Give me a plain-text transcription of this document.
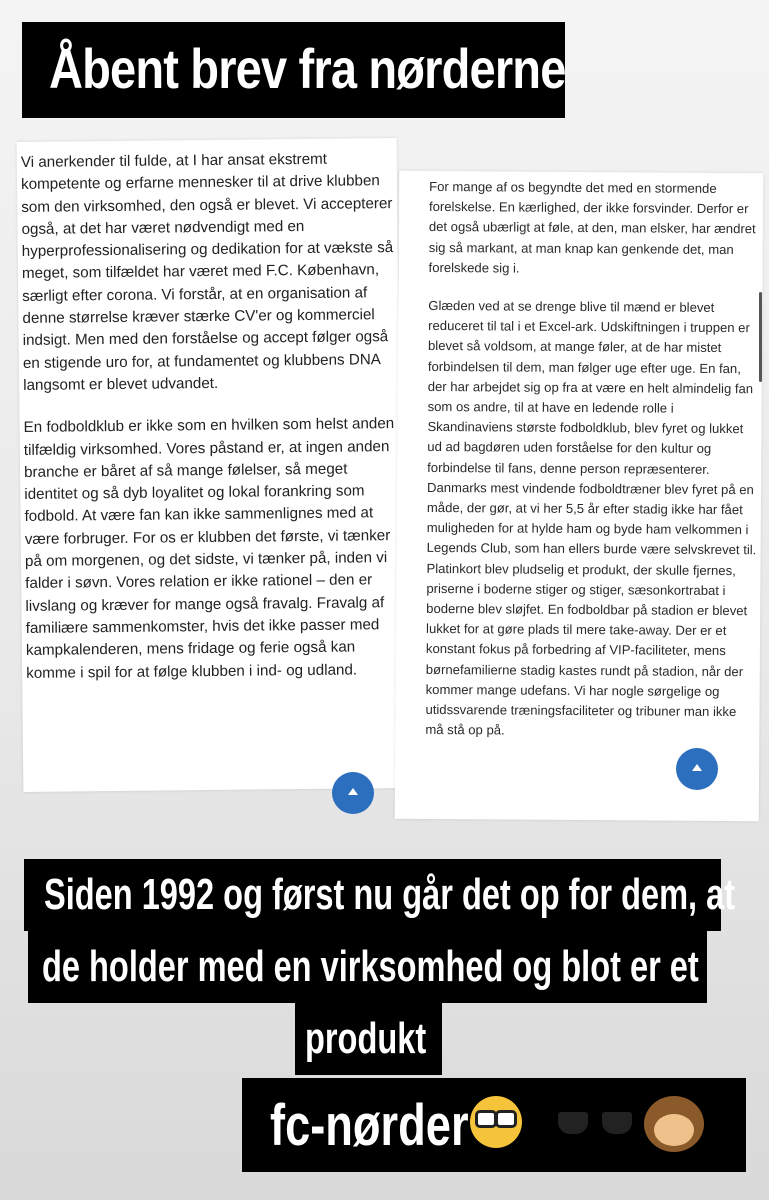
Åbent brev fra nørderne

Vi anerkender til fulde, at I har ansat ekstremt kompetente og erfarne mennesker til at drive klubben som den virksomhed, den også er blevet. Vi accepterer også, at det har været nødvendigt med en hyperprofessionalisering og dedikation for at vækste så meget, som tilfældet har været med F.C. København, særligt efter corona. Vi forstår, at en organisation af denne størrelse kræver stærke CV'er og kommerciel indsigt. Men med den forståelse og accept følger også en stigende uro for, at fundamentet og klubbens DNA langsomt er blevet udvandet.

En fodboldklub er ikke som en hvilken som helst anden tilfældig virksomhed. Vores påstand er, at ingen anden branche er båret af så mange følelser, så meget identitet og så dyb loyalitet og lokal forankring som fodbold. At være fan kan ikke sammenlignes med at være forbruger. For os er klubben det første, vi tænker på om morgenen, og det sidste, vi tænker på, inden vi falder i søvn. Vores relation er ikke rationel – den er livslang og kræver for mange også fravalg. Fravalg af familiære sammenkomster, hvis det ikke passer med kampkalenderen, mens fridage og ferie også kan komme i spil for at følge klubben i ind- og udland.

For mange af os begyndte det med en stormende forelskelse. En kærlighed, der ikke forsvinder. Derfor er det også ubærligt at føle, at den, man elsker, har ændret sig så markant, at man knap kan genkende det, man forelskede sig i.

Glæden ved at se drenge blive til mænd er blevet reduceret til tal i et Excel-ark. Udskiftningen i truppen er blevet så voldsom, at mange føler, at de har mistet forbindelsen til dem, man følger uge efter uge. En fan, der har arbejdet sig op fra at være en helt almindelig fan som os andre, til at have en ledende rolle i Skandinaviens største fodboldklub, blev fyret og lukket ud ad bagdøren uden forståelse for den kultur og forbindelse til fans, denne person repræsenterer. Danmarks mest vindende fodboldtræner blev fyret på en måde, der gør, at vi her 5,5 år efter stadig ikke har fået muligheden for at hylde ham og byde ham velkommen i Legends Club, som han ellers burde være selvskrevet til. Platinkort blev pludselig et produkt, der skulle fjernes, priserne i boderne stiger og stiger, sæsonkortrabat i boderne blev sløjfet. En fodboldbar på stadion er blevet lukket for at gøre plads til mere take-away. Der er et konstant fokus på forbedring af VIP-faciliteter, mens børnefamilierne stadig kastes rundt på stadion, når der kommer mange udefans. Vi har nogle sørgelige og utidssvarende træningsfaciliteter og tribuner man ikke må stå op på.

Siden 1992 og først nu går det op for dem, at
de holder med en virksomhed og blot er et
produkt
fc-nørder
